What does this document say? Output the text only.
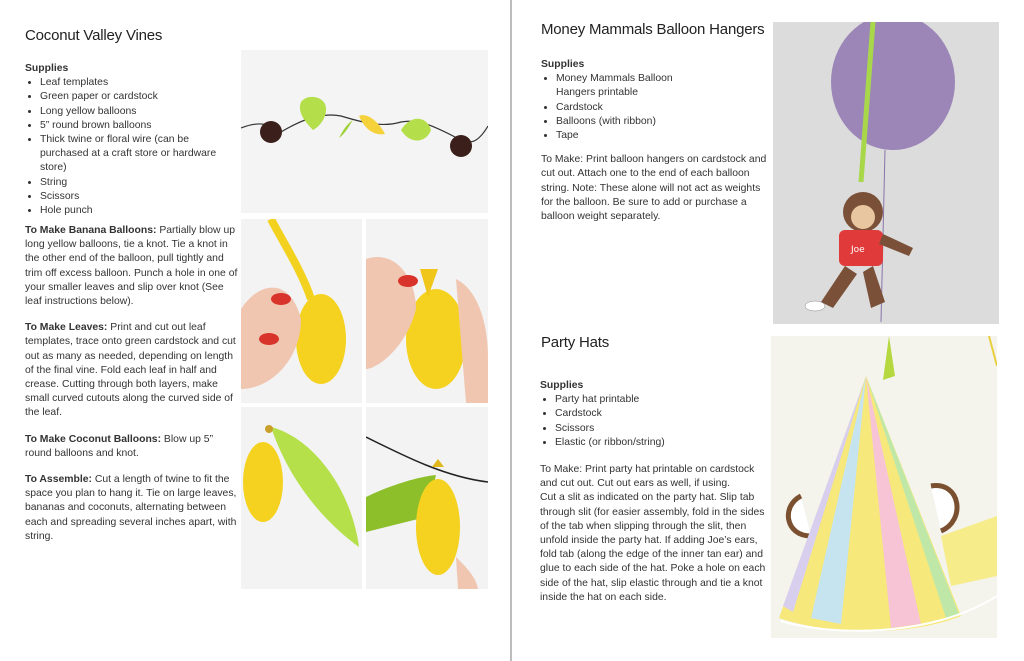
Coconut Valley Vines
Supplies
• Leaf templates
• Green paper or cardstock
• Long yellow balloons
• 5” round brown balloons
• Thick twine or floral wire (can be purchased at a craft store or hardware store)
• String
• Scissors
• Hole punch

To Make Banana Balloons: Partially blow up long yellow balloons, tie a knot. Tie a knot in the other end of the balloon, pull tightly and trim off excess balloon. Punch a hole in one of your smaller leaves and slip over knot (See leaf instructions below).

To Make Leaves: Print and cut out leaf templates, trace onto green cardstock and cut out as many as needed, depending on length of the final vine. Fold each leaf in half and crease. Cutting through both layers, make small curved cutouts along the curved side of the leaf.

To Make Coconut Balloons: Blow up 5” round balloons and knot.

To Assemble: Cut a length of twine to fit the space you plan to hang it. Tie on large leaves, bananas and coconuts, alternating between each and spreading several inches apart, with string.

Money Mammals Balloon Hangers
Supplies
• Money Mammals Balloon Hangers printable
• Cardstock
• Balloons (with ribbon)
• Tape
To Make: Print balloon hangers on cardstock and cut out. Attach one to the end of each balloon string. Note: These alone will not act as weights for the balloon. Be sure to add or purchase a balloon weight separately.
Joe
Party Hats
Supplies
• Party hat printable
• Cardstock
• Scissors
• Elastic (or ribbon/string)
To Make: Print party hat printable on cardstock and cut out. Cut out ears as well, if using.
Cut a slit as indicated on the party hat. Slip tab through slit (for easier assembly, fold in the sides of the tab when slipping through the slit, then unfold inside the party hat. If adding Joe’s ears, fold tab (along the edge of the inner tan ear) and glue to each side of the hat. Poke a hole on each side of the hat, slip elastic through and tie a knot inside the hat on each side.
